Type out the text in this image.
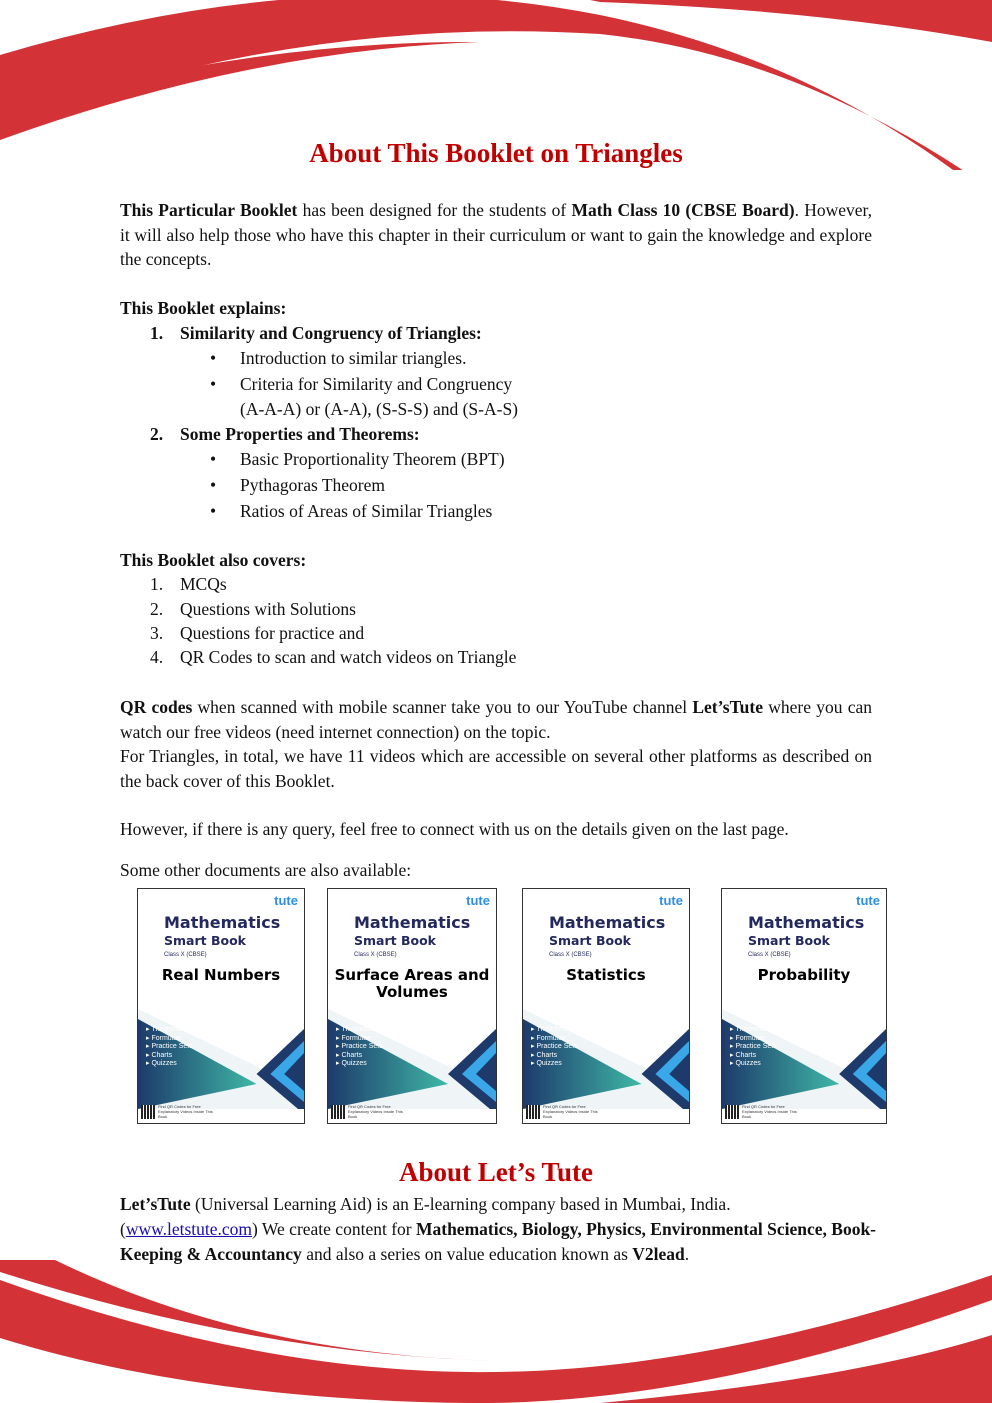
About This Booklet on Triangles

This Particular Booklet has been designed for the students of Math Class 10 (CBSE Board). However, it will also help those who have this chapter in their curriculum or want to gain the knowledge and explore the concepts.

This Booklet explains:
1. Similarity and Congruency of Triangles:
• Introduction to similar triangles.
• Criteria for Similarity and Congruency
(A-A-A) or (A-A), (S-S-S) and (S-A-S)
2. Some Properties and Theorems:
• Basic Proportionality Theorem (BPT)
• Pythagoras Theorem
• Ratios of Areas of Similar Triangles
This Booklet also covers:
1. MCQs
2. Questions with Solutions
3. Questions for practice and
4. QR Codes to scan and watch videos on Triangle

QR codes when scanned with mobile scanner take you to our YouTube channel Let’sTute where you can watch our free videos (need internet connection) on the topic.
For Triangles, in total, we have 11 videos which are accessible on several other platforms as described on the back cover of this Booklet.

However, if there is any query, feel free to connect with us on the details given on the last page.
Some other documents are also available:
tute
Mathematics
Smart Book
Class X (CBSE)
Real Numbers
▸ Theorems
▸ Formulae
▸ Practice Sets
▸ Charts
▸ Quizzes
Find QR Codes for Free Explanatory Videos Inside This Book
tute
Mathematics
Smart Book
Class X (CBSE)
Surface Areas and Volumes
▸ Theorems
▸ Formulae
▸ Practice Sets
▸ Charts
▸ Quizzes
Find QR Codes for Free Explanatory Videos Inside This Book
tute
Mathematics
Smart Book
Class X (CBSE)
Statistics
▸ Theorems
▸ Formulae
▸ Practice Sets
▸ Charts
▸ Quizzes
Find QR Codes for Free Explanatory Videos Inside This Book
tute
Mathematics
Smart Book
Class X (CBSE)
Probability
▸ Theorems
▸ Formulae
▸ Practice Sets
▸ Charts
▸ Quizzes
Find QR Codes for Free Explanatory Videos Inside This Book
About Let’s Tute

Let’sTute (Universal Learning Aid) is an E-learning company based in Mumbai, India.
(www.letstute.com) We create content for Mathematics, Biology, Physics, Environmental Science, Book-Keeping & Accountancy and also a series on value education known as V2lead.
